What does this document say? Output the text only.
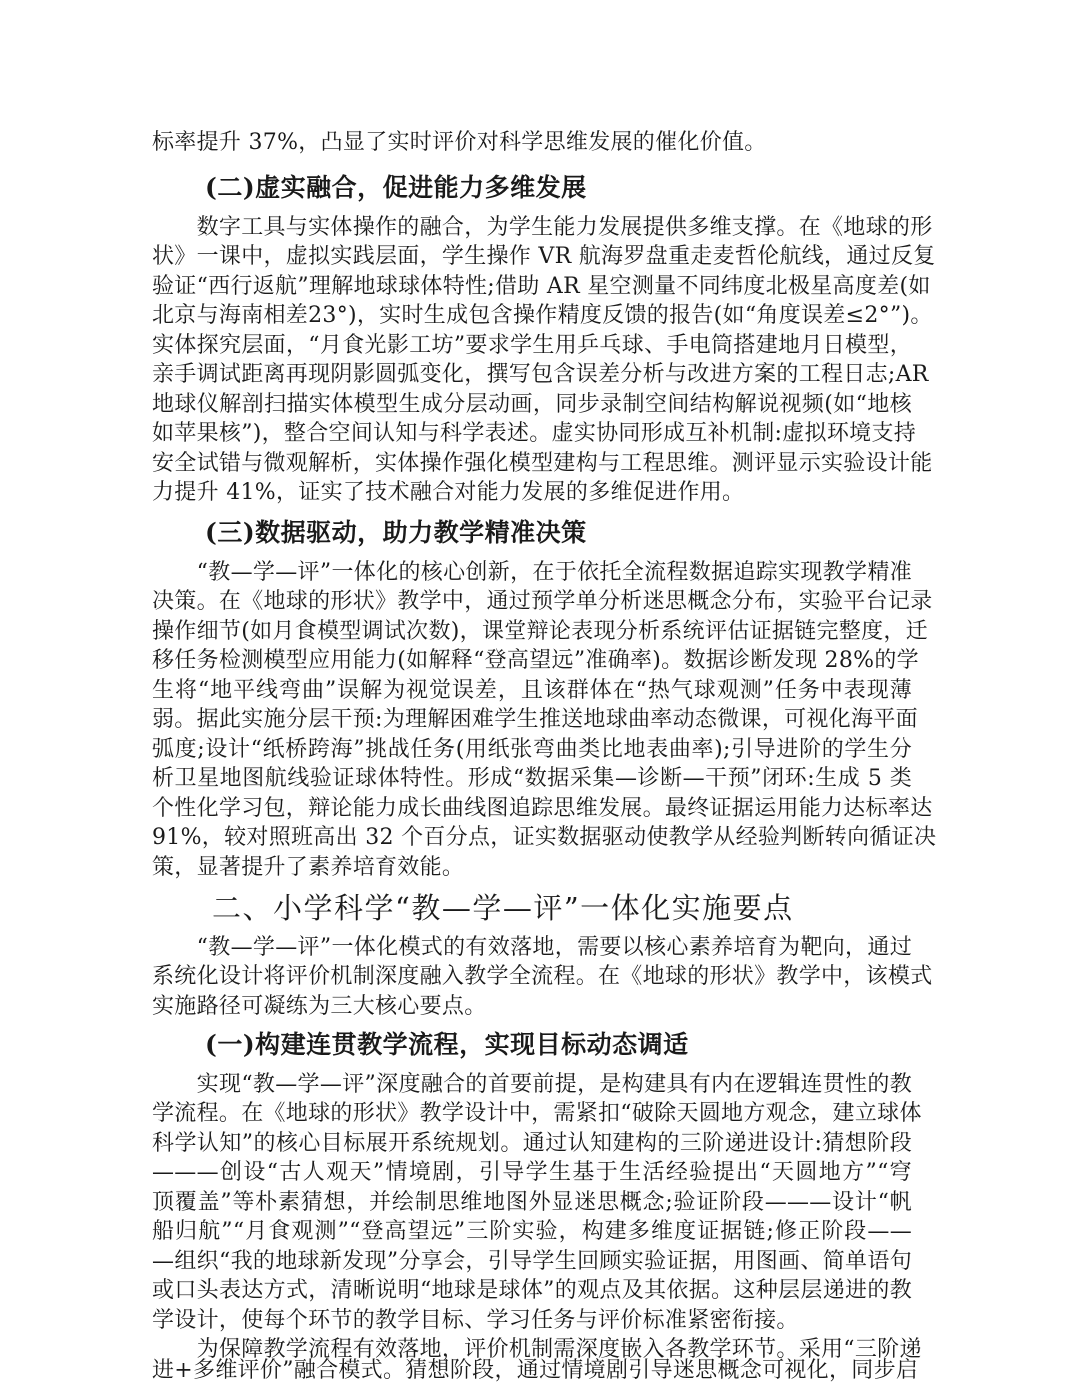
标率提升 37%，凸显了实时评价对科学思维发展的催化价值。
(二)虚实融合，促进能力多维发展
　　数字工具与实体操作的融合，为学生能力发展提供多维支撑。在《地球的形
状》一课中，虚拟实践层面，学生操作 VR 航海罗盘重走麦哲伦航线，通过反复
验证“西行返航”理解地球球体特性;借助 AR 星空测量不同纬度北极星高度差(如
北京与海南相差23°)，实时生成包含操作精度反馈的报告(如“角度误差≤2°”)。
实体探究层面，“月食光影工坊”要求学生用乒乓球、手电筒搭建地月日模型，
亲手调试距离再现阴影圆弧变化，撰写包含误差分析与改进方案的工程日志;AR
地球仪解剖扫描实体模型生成分层动画，同步录制空间结构解说视频(如“地核
如苹果核”)，整合空间认知与科学表述。虚实协同形成互补机制:虚拟环境支持
安全试错与微观解析，实体操作强化模型建构与工程思维。测评显示实验设计能
力提升 41%，证实了技术融合对能力发展的多维促进作用。
(三)数据驱动，助力教学精准决策
　　“教—学—评”一体化的核心创新，在于依托全流程数据追踪实现教学精准
决策。在《地球的形状》教学中，通过预学单分析迷思概念分布，实验平台记录
操作细节(如月食模型调试次数)，课堂辩论表现分析系统评估证据链完整度，迁
移任务检测模型应用能力(如解释“登高望远”准确率)。数据诊断发现 28%的学
生将“地平线弯曲”误解为视觉误差，且该群体在“热气球观测”任务中表现薄
弱。据此实施分层干预:为理解困难学生推送地球曲率动态微课，可视化海平面
弧度;设计“纸桥跨海”挑战任务(用纸张弯曲类比地表曲率);引导进阶的学生分
析卫星地图航线验证球体特性。形成“数据采集—诊断—干预”闭环:生成 5 类
个性化学习包，辩论能力成长曲线图追踪思维发展。最终证据运用能力达标率达
91%，较对照班高出 32 个百分点，证实数据驱动使教学从经验判断转向循证决
策，显著提升了素养培育效能。
二、小学科学“教—学—评”一体化实施要点
　　“教—学—评”一体化模式的有效落地，需要以核心素养培育为靶向，通过
系统化设计将评价机制深度融入教学全流程。在《地球的形状》教学中，该模式
实施路径可凝练为三大核心要点。
(一)构建连贯教学流程，实现目标动态调适
　　实现“教—学—评”深度融合的首要前提，是构建具有内在逻辑连贯性的教
学流程。在《地球的形状》教学设计中，需紧扣“破除天圆地方观念，建立球体
科学认知”的核心目标展开系统规划。通过认知建构的三阶递进设计:猜想阶段
———创设“古人观天”情境剧，引导学生基于生活经验提出“天圆地方”“穹
顶覆盖”等朴素猜想，并绘制思维地图外显迷思概念;验证阶段———设计“帆
船归航”“月食观测”“登高望远”三阶实验，构建多维度证据链;修正阶段——
—组织“我的地球新发现”分享会，引导学生回顾实验证据，用图画、简单语句
或口头表达方式，清晰说明“地球是球体”的观点及其依据。这种层层递进的教
学设计，使每个环节的教学目标、学习任务与评价标准紧密衔接。
　　为保障教学流程有效落地，评价机制需深度嵌入各教学环节。采用“三阶递
进+多维评价”融合模式。猜想阶段，通过情境剧引导迷思概念可视化，同步启
